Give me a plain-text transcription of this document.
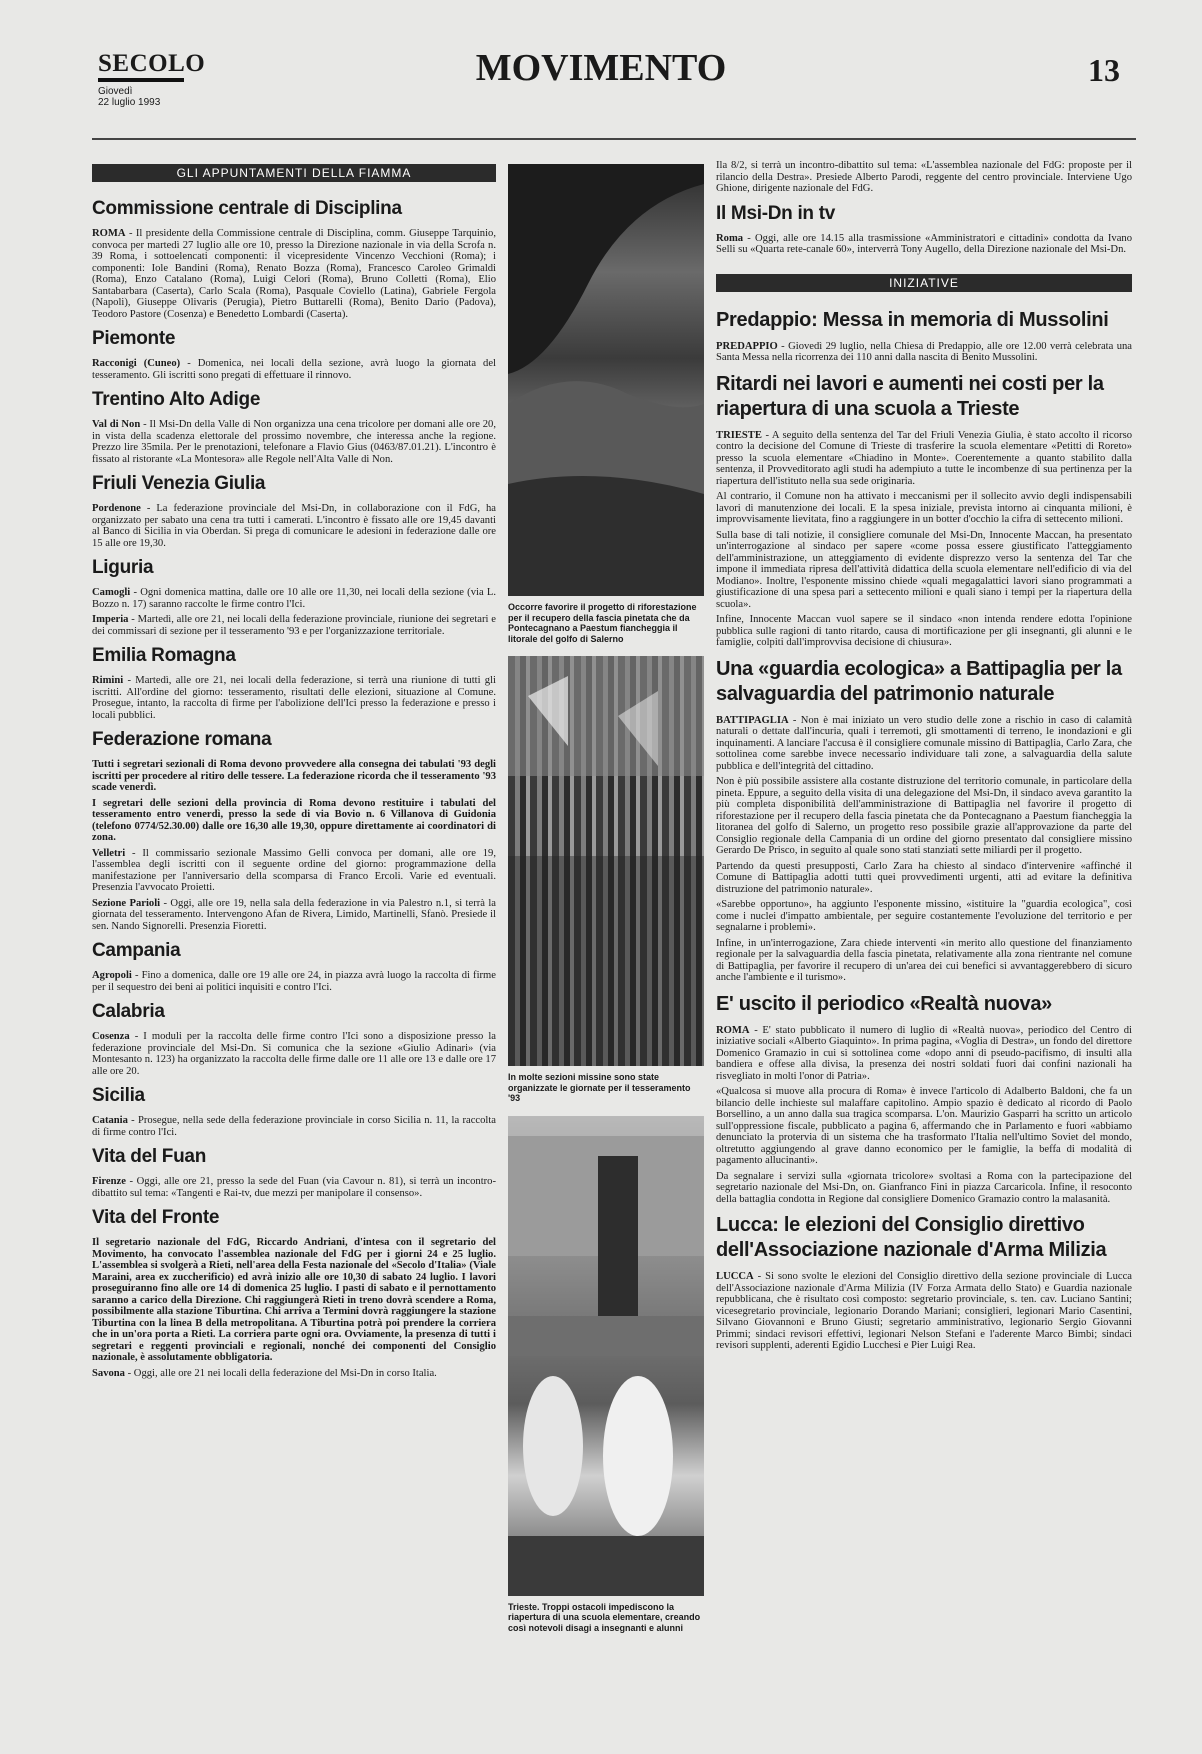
SECOLO
Giovedì
22 luglio 1993
MOVIMENTO	13
GLI APPUNTAMENTI DELLA FIAMMA
Commissione centrale di Disciplina

ROMA - Il presidente della Commissione centrale di Disciplina, comm. Giuseppe Tarquinio, convoca per martedì 27 luglio alle ore 10, presso la Direzione nazionale in via della Scrofa n. 39 Roma, i sottoelencati componenti: il vicepresidente Vincenzo Vecchioni (Roma); i componenti: Iole Bandini (Roma), Renato Bozza (Roma), Francesco Caroleo Grimaldi (Roma), Enzo Catalano (Roma), Luigi Celori (Roma), Bruno Colletti (Roma), Elio Santabarbara (Caserta), Carlo Scala (Roma), Pasquale Coviello (Latina), Gabriele Fergola (Napoli), Giuseppe Olivaris (Perugia), Pietro Buttarelli (Roma), Benito Dario (Padova), Teodoro Pastore (Cosenza) e Benedetto Lombardi (Caserta).

Piemonte

Racconigi (Cuneo) - Domenica, nei locali della sezione, avrà luogo la giornata del tesseramento. Gli iscritti sono pregati di effettuare il rinnovo.

Trentino Alto Adige

Val di Non - Il Msi-Dn della Valle di Non organizza una cena tricolore per domani alle ore 20, in vista della scadenza elettorale del prossimo novembre, che interessa anche la regione. Prezzo lire 35mila. Per le prenotazioni, telefonare a Flavio Gius (0463/87.01.21). L'incontro è fissato al ristorante «La Montesora» alle Regole nell'Alta Valle di Non.

Friuli Venezia Giulia

Pordenone - La federazione provinciale del Msi-Dn, in collaborazione con il FdG, ha organizzato per sabato una cena tra tutti i camerati. L'incontro è fissato alle ore 19,45 davanti al Banco di Sicilia in via Oberdan. Si prega di comunicare le adesioni in federazione dalle ore 15 alle ore 19,30.

Liguria

Camogli - Ogni domenica mattina, dalle ore 10 alle ore 11,30, nei locali della sezione (via L. Bozzo n. 17) saranno raccolte le firme contro l'Ici.

Imperia - Martedì, alle ore 21, nei locali della federazione provinciale, riunione dei segretari e dei commissari di sezione per il tesseramento '93 e per l'organizzazione territoriale.

Emilia Romagna

Rimini - Martedì, alle ore 21, nei locali della federazione, si terrà una riunione di tutti gli iscritti. All'ordine del giorno: tesseramento, risultati delle elezioni, situazione al Comune. Prosegue, intanto, la raccolta di firme per l'abolizione dell'Ici presso la federazione e presso i locali pubblici.

Federazione romana

Tutti i segretari sezionali di Roma devono provvedere alla consegna dei tabulati '93 degli iscritti per procedere al ritiro delle tessere. La federazione ricorda che il tesseramento '93 scade venerdì.

I segretari delle sezioni della provincia di Roma devono restituire i tabulati del tesseramento entro venerdì, presso la sede di via Bovio n. 6 Villanova di Guidonia (telefono 0774/52.30.00) dalle ore 16,30 alle 19,30, oppure direttamente ai coordinatori di zona.

Velletri - Il commissario sezionale Massimo Gelli convoca per domani, alle ore 19, l'assemblea degli iscritti con il seguente ordine del giorno: programmazione della manifestazione per l'anniversario della scomparsa di Franco Ercoli. Varie ed eventuali. Presenzia l'avvocato Proietti.

Sezione Parioli - Oggi, alle ore 19, nella sala della federazione in via Palestro n.1, si terrà la giornata del tesseramento. Intervengono Afan de Rivera, Limido, Martinelli, Sfanò. Presiede il sen. Nando Signorelli. Presenzia Fioretti.

Campania

Agropoli - Fino a domenica, dalle ore 19 alle ore 24, in piazza avrà luogo la raccolta di firme per il sequestro dei beni ai politici inquisiti e contro l'Ici.

Calabria

Cosenza - I moduli per la raccolta delle firme contro l'Ici sono a disposizione presso la federazione provinciale del Msi-Dn. Si comunica che la sezione «Giulio Adinari» (via Montesanto n. 123) ha organizzato la raccolta delle firme dalle ore 11 alle ore 13 e dalle ore 17 alle ore 20.

Sicilia

Catania - Prosegue, nella sede della federazione provinciale in corso Sicilia n. 11, la raccolta di firme contro l'Ici.

Vita del Fuan

Firenze - Oggi, alle ore 21, presso la sede del Fuan (via Cavour n. 81), si terrà un incontro-dibattito sul tema: «Tangenti e Rai-tv, due mezzi per manipolare il consenso».

Vita del Fronte

Il segretario nazionale del FdG, Riccardo Andriani, d'intesa con il segretario del Movimento, ha convocato l'assemblea nazionale del FdG per i giorni 24 e 25 luglio. L'assemblea si svolgerà a Rieti, nell'area della Festa nazionale del «Secolo d'Italia» (Viale Maraini, area ex zuccherificio) ed avrà inizio alle ore 10,30 di sabato 24 luglio. I lavori proseguiranno fino alle ore 14 di domenica 25 luglio. I pasti di sabato e il pernottamento saranno a carico della Direzione. Chi raggiungerà Rieti in treno dovrà scendere a Roma, possibilmente alla stazione Tiburtina. Chi arriva a Termini dovrà raggiungere la stazione Tiburtina con la linea B della metropolitana. A Tiburtina potrà poi prendere la corriera che in un'ora porta a Rieti. La corriera parte ogni ora. Ovviamente, la presenza di tutti i segretari e reggenti provinciali e regionali, nonché dei componenti del Consiglio nazionale, è assolutamente obbligatoria.

Savona - Oggi, alle ore 21 nei locali della federazione del Msi-Dn in corso Italia.

Occorre favorire il progetto di riforestazione per il recupero della fascia pinetata che da Pontecagnano a Paestum fiancheggia il litorale del golfo di Salerno

In molte sezioni missine sono state organizzate le giornate per il tesseramento '93

Trieste. Troppi ostacoli impediscono la riapertura di una scuola elementare, creando così notevoli disagi a insegnanti e alunni

Ila 8/2, si terrà un incontro-dibattito sul tema: «L'assemblea nazionale del FdG: proposte per il rilancio della Destra». Presiede Alberto Parodi, reggente del centro provinciale. Interviene Ugo Ghione, dirigente nazionale del FdG.

Il Msi-Dn in tv

Roma - Oggi, alle ore 14.15 alla trasmissione «Amministratori e cittadini» condotta da Ivano Selli su «Quarta rete-canale 60», interverrà Tony Augello, della Direzione nazionale del Msi-Dn.

INIZIATIVE
Predappio: Messa in memoria di Mussolini

PREDAPPIO - Giovedì 29 luglio, nella Chiesa di Predappio, alle ore 12.00 verrà celebrata una Santa Messa nella ricorrenza dei 110 anni dalla nascita di Benito Mussolini.

Ritardi nei lavori e aumenti nei costi per la riapertura di una scuola a Trieste

TRIESTE - A seguito della sentenza del Tar del Friuli Venezia Giulia, è stato accolto il ricorso contro la decisione del Comune di Trieste di trasferire la scuola elementare «Petitti di Roreto» presso la scuola elementare «Chiadino in Monte». Coerentemente a quanto stabilito dalla sentenza, il Provveditorato agli studi ha adempiuto a tutte le incombenze di sua pertinenza per la riapertura dell'istituto nella sua sede originaria.

Al contrario, il Comune non ha attivato i meccanismi per il sollecito avvio degli indispensabili lavori di manutenzione dei locali. E la spesa iniziale, prevista intorno ai cinquanta milioni, è improvvisamente lievitata, fino a raggiungere in un botter d'occhio la cifra di settecento milioni.

Sulla base di tali notizie, il consigliere comunale del Msi-Dn, Innocente Maccan, ha presentato un'interrogazione al sindaco per sapere «come possa essere giustificato l'atteggiamento dell'amministrazione, un atteggiamento di evidente disprezzo verso la sentenza del Tar che impone il immediata ripresa dell'attività didattica della scuola elementare nell'edificio di via del Modiano». Inoltre, l'esponente missino chiede «quali megagalattici lavori siano programmati a giustificazione di una spesa pari a settecento milioni e quali siano i tempi per la riapertura della scuola».

Infine, Innocente Maccan vuol sapere se il sindaco «non intenda rendere edotta l'opinione pubblica sulle ragioni di tanto ritardo, causa di mortificazione per gli insegnanti, gli alunni e le famiglie, colpiti dall'improvvisa decisione di chiusura».

Una «guardia ecologica» a Battipaglia per la salvaguardia del patrimonio naturale

BATTIPAGLIA - Non è mai iniziato un vero studio delle zone a rischio in caso di calamità naturali o dettate dall'incuria, quali i terremoti, gli smottamenti di terreno, le inondazioni e gli inquinamenti. A lanciare l'accusa è il consigliere comunale missino di Battipaglia, Carlo Zara, che sottolinea come sarebbe invece necessario individuare tali zone, a salvaguardia della salute pubblica e dell'integrità del cittadino.

Non è più possibile assistere alla costante distruzione del territorio comunale, in particolare della pineta. Eppure, a seguito della visita di una delegazione del Msi-Dn, il sindaco aveva garantito la più completa disponibilità dell'amministrazione di Battipaglia nel favorire il progetto di riforestazione per il recupero della fascia pinetata che da Pontecagnano a Paestum fiancheggia la litoranea del golfo di Salerno, un progetto reso possibile grazie all'approvazione da parte del Consiglio regionale della Campania di un ordine del giorno presentato dal consigliere missino Gerardo De Prisco, in seguito al quale sono stati stanziati sette miliardi per il progetto.

Partendo da questi presupposti, Carlo Zara ha chiesto al sindaco d'intervenire «affinché il Comune di Battipaglia adotti tutti quei provvedimenti urgenti, atti ad evitare la definitiva distruzione del patrimonio naturale».

«Sarebbe opportuno», ha aggiunto l'esponente missino, «istituire la "guardia ecologica", così come i nuclei d'impatto ambientale, per seguire costantemente l'evoluzione del territorio e per segnalarne i problemi».

Infine, in un'interrogazione, Zara chiede interventi «in merito allo questione del finanziamento regionale per la salvaguardia della fascia pinetata, relativamente alla zona rientrante nel comune di Battipaglia, per favorire il recupero di un'area dei cui benefici si avvantaggerebbero di sicuro anche l'ambiente e il turismo».

E' uscito il periodico «Realtà nuova»

ROMA - E' stato pubblicato il numero di luglio di «Realtà nuova», periodico del Centro di iniziative sociali «Alberto Giaquinto». In prima pagina, «Voglia di Destra», un fondo del direttore Domenico Gramazio in cui si sottolinea come «dopo anni di pseudo-pacifismo, di insulti alla bandiera e offese alla divisa, la presenza dei nostri soldati fuori dai confini nazionali ha risvegliato in molti l'onor di Patria».

«Qualcosa si muove alla procura di Roma» è invece l'articolo di Adalberto Baldoni, che fa un bilancio delle inchieste sul malaffare capitolino. Ampio spazio è dedicato al ricordo di Paolo Borsellino, a un anno dalla sua tragica scomparsa. L'on. Maurizio Gasparri ha scritto un articolo sull'oppressione fiscale, pubblicato a pagina 6, affermando che in Parlamento e fuori «abbiamo denunciato la protervia di un sistema che ha trasformato l'Italia nell'ultimo Soviet del mondo, oltretutto aggiungendo al grave danno economico per le famiglie, la beffa di modalità di pagamento allucinanti».

Da segnalare i servizi sulla «giornata tricolore» svoltasi a Roma con la partecipazione del segretario nazionale del Msi-Dn, on. Gianfranco Fini in piazza Carcaricola. Infine, il resoconto della battaglia condotta in Regione dal consigliere Domenico Gramazio contro la malasanità.

Lucca: le elezioni del Consiglio direttivo dell'Associazione nazionale d'Arma Milizia

LUCCA - Si sono svolte le elezioni del Consiglio direttivo della sezione provinciale di Lucca dell'Associazione nazionale d'Arma Milizia (IV Forza Armata dello Stato) e Guardia nazionale repubblicana, che è risultato così composto: segretario provinciale, s. ten. cav. Luciano Santini; vicesegretario provinciale, legionario Dorando Mariani; consiglieri, legionari Mario Casentini, Silvano Giovannoni e Bruno Giusti; segretario amministrativo, legionario Sergio Giovanni Primmi; sindaci revisori effettivi, legionari Nelson Stefani e l'aderente Marco Bimbi; sindaci revisori supplenti, aderenti Egidio Lucchesi e Pier Luigi Rea.
